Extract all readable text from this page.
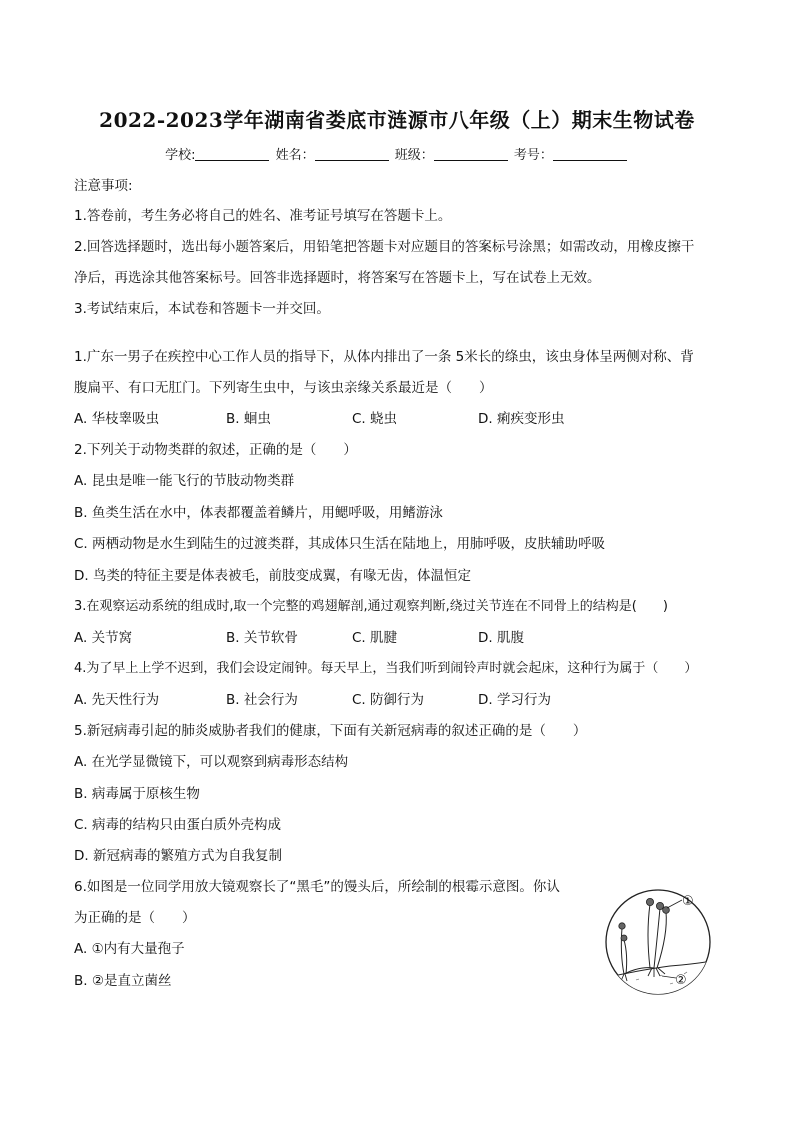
2022-2023学年湖南省娄底市涟源市八年级（上）期末生物试卷
学校:	姓名：	班级：	考号：
注意事项:
1.答卷前，考生务必将自己的姓名、准考证号填写在答题卡上。
2.回答选择题时，选出每小题答案后，用铅笔把答题卡对应题目的答案标号涂黑；如需改动，用橡皮擦干
净后，再选涂其他答案标号。回答非选择题时，将答案写在答题卡上，写在试卷上无效。
3.考试结束后，本试卷和答题卡一并交回。
1.广东一男子在疾控中心工作人员的指导下，从体内排出了一条 5米长的绦虫，该虫身体呈两侧对称、背
腹扁平、有口无肛门。下列寄生虫中，与该虫亲缘关系最近是（　　）
A. 华枝睾吸虫	B. 蛔虫	C. 蛲虫	D. 痢疾变形虫
2.下列关于动物类群的叙述，正确的是（　　）
A. 昆虫是唯一能飞行的节肢动物类群
B. 鱼类生活在水中，体表都覆盖着鳞片，用鳃呼吸，用鳍游泳
C. 两栖动物是水生到陆生的过渡类群，其成体只生活在陆地上，用肺呼吸，皮肤辅助呼吸
D. 鸟类的特征主要是体表被毛，前肢变成翼，有喙无齿，体温恒定
3.在观察运动系统的组成时,取一个完整的鸡翅解剖,通过观察判断,绕过关节连在不同骨上的结构是(　　)
A. 关节窝	B. 关节软骨	C. 肌腱	D. 肌腹
4.为了早上上学不迟到，我们会设定闹钟。每天早上，当我们听到闹铃声时就会起床，这种行为属于（　　）
A. 先天性行为	B. 社会行为	C. 防御行为	D. 学习行为
5.新冠病毒引起的肺炎威胁者我们的健康，下面有关新冠病毒的叙述正确的是（　　）
A. 在光学显微镜下，可以观察到病毒形态结构
B. 病毒属于原核生物
C. 病毒的结构只由蛋白质外壳构成
D. 新冠病毒的繁殖方式为自我复制
6.如图是一位同学用放大镜观察长了“黑毛”的馒头后，所绘制的根霉示意图。你认
为正确的是（　　）
A. ①内有大量孢子
B. ②是直立菌丝
①
②
